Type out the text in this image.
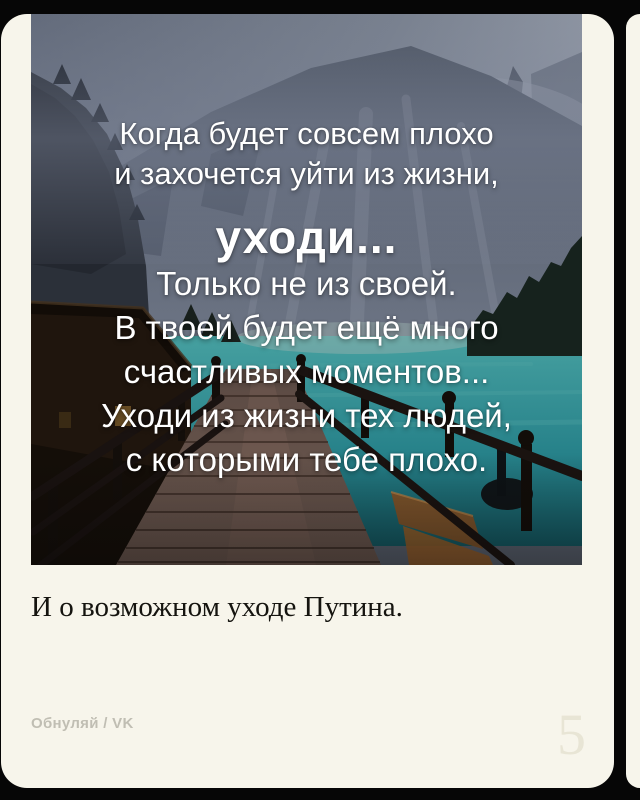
Когда будет совсем плохо
и захочется уйти из жизни,
уходи...
Только не из своей.
В твоей будет ещё много
счастливых моментов...
Уходи из жизни тех людей,
с которыми тебе плохо.
И о возможном уходе Путина.
Обнуляй / VK	5
